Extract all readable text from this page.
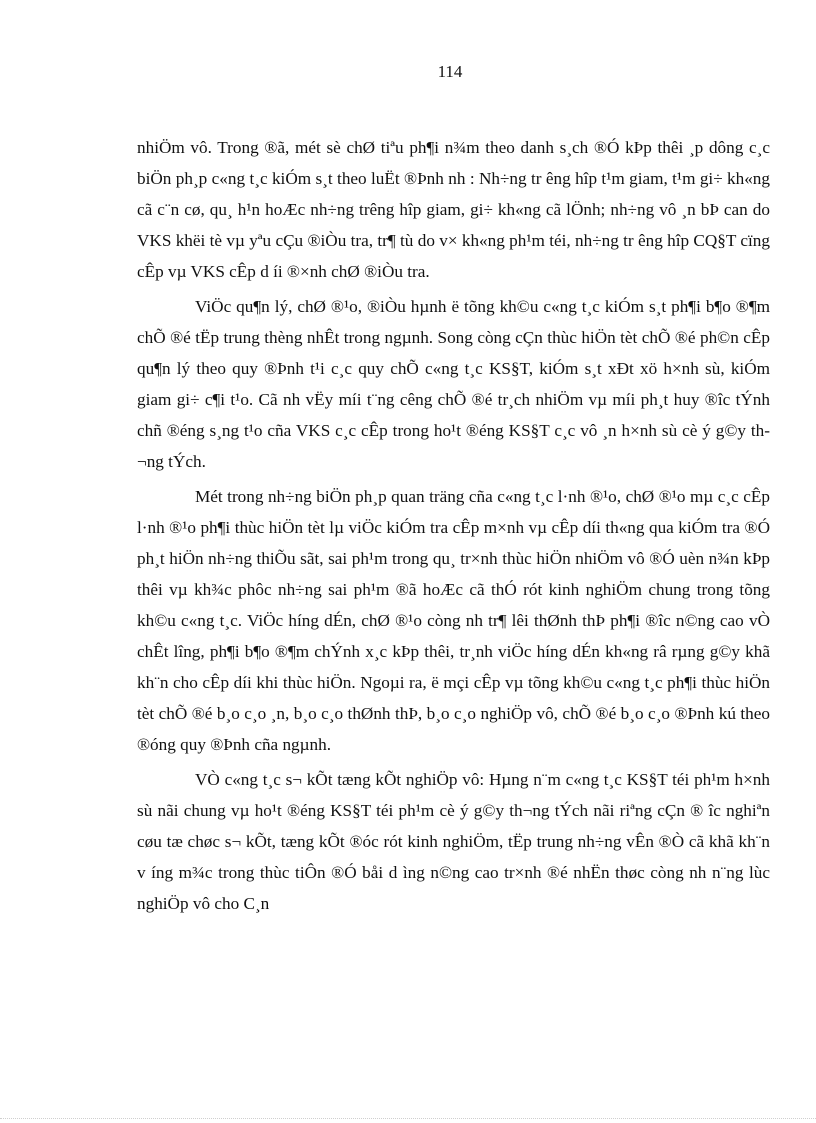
114

nhiÖm vô. Trong ®ã, mét sè chØ tiªu ph¶i n¾m theo danh s¸ch ®Ó kÞp thêi ¸p dông c¸c biÖn ph¸p c«ng t¸c kiÓm s¸t theo luËt ®Þnh nh : Nh÷ng tr êng hîp t¹m giam, t¹m gi÷ kh«ng cã c¨n cø, qu¸ h¹n hoÆc nh÷ng trêng hîp giam, gi÷ kh«ng cã lÖnh; nh÷ng vô ¸n bÞ can do VKS khëi tè vµ yªu cÇu ®iÒu tra, tr¶ tù do v× kh«ng ph¹m téi, nh÷ng tr êng hîp CQ§T cïng cÊp vµ VKS cÊp d íi ®×nh chØ ®iÒu tra.

ViÖc qu¶n lý, chØ ®¹o, ®iÒu hµnh ë tõng kh©u c«ng t¸c kiÓm s¸t ph¶i b¶o ®¶m chÕ ®é tËp trung thèng nhÊt trong ngµnh. Song còng cÇn thùc hiÖn tèt chÕ ®é ph©n cÊp qu¶n lý theo quy ®Þnh t¹i c¸c quy chÕ c«ng t¸c KS§T, kiÓm s¸t xÐt xö h×nh sù, kiÓm giam gi÷ c¶i t¹o. Cã nh vËy míi t¨ng cêng chÕ ®é tr¸ch nhiÖm vµ míi ph¸t huy ®îc tÝnh chñ ®éng s¸ng t¹o cña VKS c¸c cÊp trong ho¹t ®éng KS§T c¸c vô ¸n h×nh sù cè ý g©y th¬ng tÝch.

Mét trong nh÷ng biÖn ph¸p quan träng cña c«ng t¸c l·nh ®¹o, chØ ®¹o mµ c¸c cÊp l·nh ®¹o ph¶i thùc hiÖn tèt lµ viÖc kiÓm tra cÊp m×nh vµ cÊp díi th«ng qua kiÓm tra ®Ó ph¸t hiÖn nh÷ng thiÕu sãt, sai ph¹m trong qu¸ tr×nh thùc hiÖn nhiÖm vô ®Ó uèn n¾n kÞp thêi vµ kh¾c phôc nh÷ng sai ph¹m ®ã hoÆc cã thÓ rót kinh nghiÖm chung trong tõng kh©u c«ng t¸c. ViÖc híng dÉn, chØ ®¹o còng nh tr¶ lêi thØnh thÞ ph¶i ®îc n©ng cao vÒ chÊt lîng, ph¶i b¶o ®¶m chÝnh x¸c kÞp thêi, tr¸nh viÖc híng dÉn kh«ng râ rµng g©y khã kh¨n cho cÊp díi khi thùc hiÖn. Ngoµi ra, ë mçi cÊp vµ tõng kh©u c«ng t¸c ph¶i thùc hiÖn tèt chÕ ®é b¸o c¸o ¸n, b¸o c¸o thØnh thÞ, b¸o c¸o nghiÖp vô, chÕ ®é b¸o c¸o ®Þnh kú theo ®óng quy ®Þnh cña ngµnh.

VÒ c«ng t¸c s¬ kÕt tæng kÕt nghiÖp vô: Hµng n¨m c«ng t¸c KS§T téi ph¹m h×nh sù nãi chung vµ ho¹t ®éng KS§T téi ph¹m cè ý g©y th¬ng tÝch nãi riªng cÇn ® îc nghiªn cøu tæ chøc s¬ kÕt, tæng kÕt ®óc rót kinh nghiÖm, tËp trung nh÷ng vÊn ®Ò cã khã kh¨n v íng m¾c trong thùc tiÔn ®Ó båi d ìng n©ng cao tr×nh ®é nhËn thøc còng nh n¨ng lùc nghiÖp vô cho C¸n
